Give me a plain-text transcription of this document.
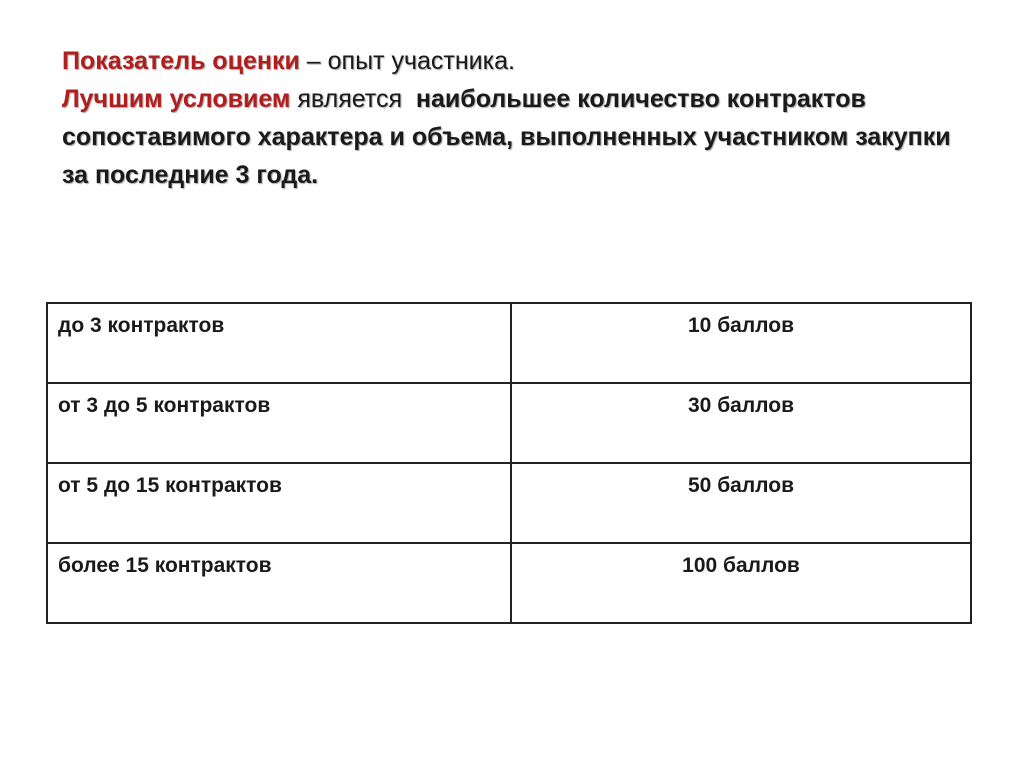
Показатель оценки – опыт участника.

Лучшим условием является  наибольшее количество контрактов сопоставимого характера и объема, выполненных участником закупки за последние 3 года.

до 3 контрактов	10 баллов
от 3 до 5 контрактов	30 баллов
от 5 до 15 контрактов	50 баллов
более 15 контрактов	100 баллов
